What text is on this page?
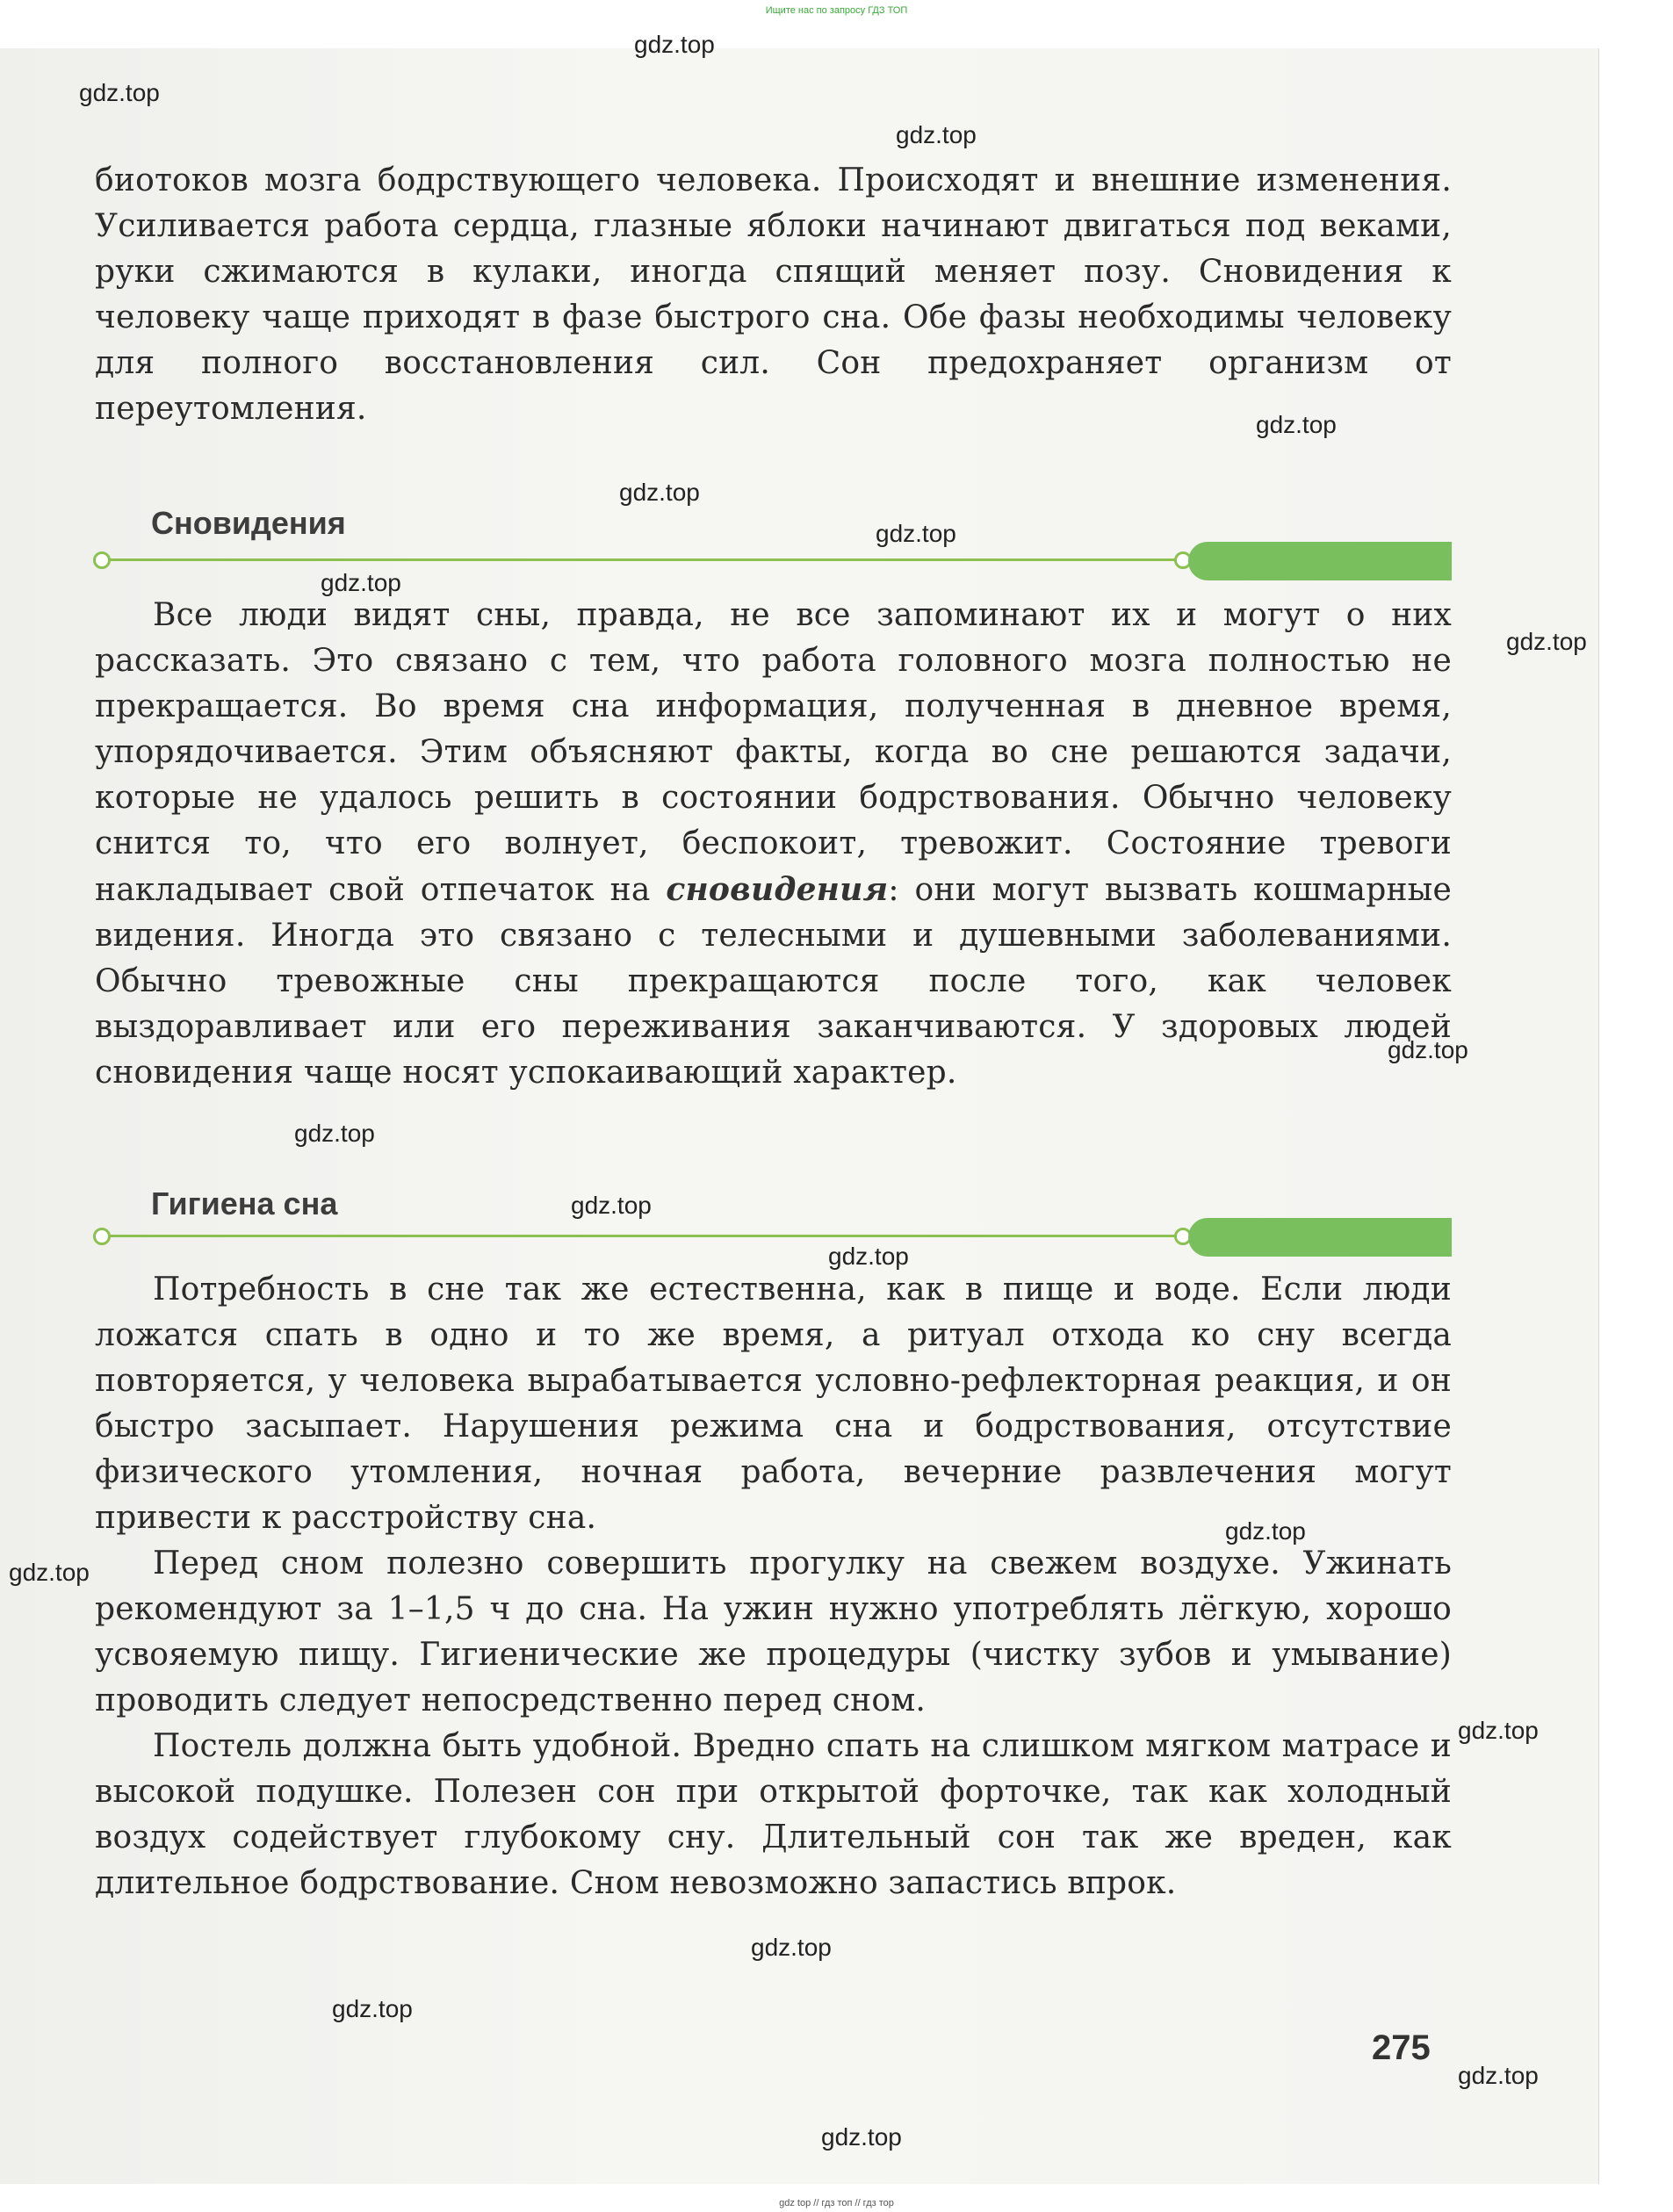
Ищите нас по запросу ГДЗ ТОП

биотоков мозга бодрствующего человека. Происходят и внешние изменения. Усиливается работа сердца, глазные яблоки начинают двигаться под веками, руки сжимаются в кулаки, иногда спящий меняет позу. Сновидения к человеку чаще приходят в фазе быстрого сна. Обе фазы необходимы человеку для полного восстановления сил. Сон предохраняет организм от переутомления.

Сновидения

Все люди видят сны, правда, не все запоминают их и могут о них рассказать. Это связано с тем, что работа головного мозга полностью не прекращается. Во время сна информация, полученная в дневное время, упорядочивается. Этим объясняют факты, когда во сне решаются задачи, которые не удалось решить в состоянии бодрствования. Обычно человеку снится то, что его волнует, беспокоит, тревожит. Состояние тревоги накладывает свой отпечаток на сновидения: они могут вызвать кошмарные видения. Иногда это связано с телесными и душевными заболеваниями. Обычно тревожные сны прекращаются после того, как человек выздоравливает или его переживания заканчиваются. У здоровых людей сновидения чаще носят успокаивающий характер.

Гигиена сна

Потребность в сне так же естественна, как в пище и воде. Если люди ложатся спать в одно и то же время, а ритуал отхода ко сну всегда повторяется, у человека вырабатывается условно-рефлекторная реакция, и он быстро засыпает. Нарушения режима сна и бодрствования, отсутствие физического утомления, ночная работа, вечерние развлечения могут привести к расстройству сна.

Перед сном полезно совершить прогулку на свежем воздухе. Ужинать рекомендуют за 1–1,5 ч до сна. На ужин нужно употреблять лёгкую, хорошо усвояемую пищу. Гигиенические же процедуры (чистку зубов и умывание) проводить следует непосредственно перед сном.

Постель должна быть удобной. Вредно спать на слишком мягком матрасе и высокой подушке. Полезен сон при открытой форточке, так как холодный воздух содействует глубокому сну. Длительный сон так же вреден, как длительное бодрствование. Сном невозможно запастись впрок.

275
gdz.top
gdz.top
gdz.top
gdz.top
gdz.top
gdz.top
gdz.top
gdz.top
gdz.top
gdz.top
gdz.top
gdz.top
gdz.top
gdz.top
gdz.top
gdz.top
gdz.top
gdz.top
gdz.top
gdz top // гдз топ // гдз тор
